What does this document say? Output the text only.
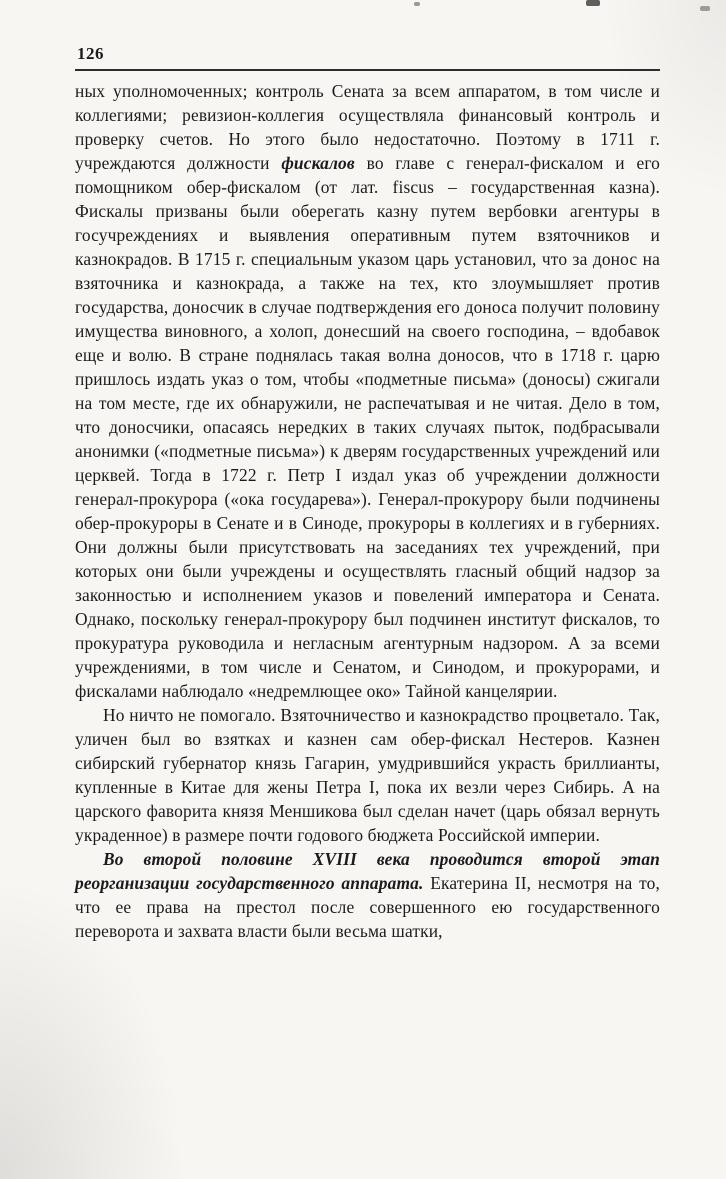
126

ных уполномоченных; контроль Сената за всем аппаратом, в том числе и коллегиями; ревизион-коллегия осуществляла финансовый контроль и проверку счетов. Но этого было недостаточно. Поэтому в 1711 г. учреждаются должности фискалов во главе с генерал-фискалом и его помощником обер-фискалом (от лат. fiscus – государственная казна). Фискалы призваны были оберегать казну путем вербовки агентуры в госучреждениях и выявления оперативным путем взяточников и казнокрадов. В 1715 г. специальным указом царь установил, что за донос на взяточника и казнокрада, а также на тех, кто злоумышляет против государства, доносчик в случае подтверждения его доноса получит половину имущества виновного, а холоп, донесший на своего господина, – вдобавок еще и волю. В стране поднялась такая волна доносов, что в 1718 г. царю пришлось издать указ о том, чтобы «подметные письма» (доносы) сжигали на том месте, где их обнаружили, не распечатывая и не читая. Дело в том, что доносчики, опасаясь нередких в таких случаях пыток, подбрасывали анонимки («подметные письма») к дверям государственных учреждений или церквей. Тогда в 1722 г. Петр I издал указ об учреждении должности генерал-прокурора («ока государева»). Генерал-прокурору были подчинены обер-прокуроры в Сенате и в Синоде, прокуроры в коллегиях и в губерниях. Они должны были присутствовать на заседаниях тех учреждений, при которых они были учреждены и осуществлять гласный общий надзор за законностью и исполнением указов и повелений императора и Сената. Однако, поскольку генерал-прокурору был подчинен институт фискалов, то прокуратура руководила и негласным агентурным надзором. А за всеми учреждениями, в том числе и Сенатом, и Синодом, и прокурорами, и фискалами наблюдало «недремлющее око» Тайной канцелярии.

Но ничто не помогало. Взяточничество и казнокрадство процветало. Так, уличен был во взятках и казнен сам обер-фискал Нестеров. Казнен сибирский губернатор князь Гагарин, умудрившийся украсть бриллианты, купленные в Китае для жены Петра I, пока их везли через Сибирь. А на царского фаворита князя Меншикова был сделан начет (царь обязал вернуть украденное) в размере почти годового бюджета Российской империи.

Во второй половине XVIII века проводится второй этап реорганизации государственного аппарата. Екатерина II, несмотря на то, что ее права на престол после совершенного ею государственного переворота и захвата власти были весьма шатки,
